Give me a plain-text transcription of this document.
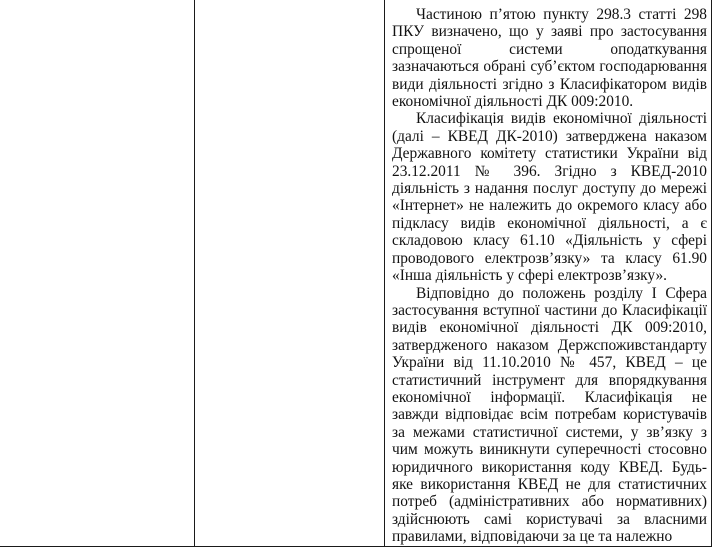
Частиною п’ятою пункту 298.3 статті 298 ПКУ визначено, що у заяві про застосування спрощеної системи оподаткування зазначаються обрані суб’єктом господарювання види діяльності згідно з Класифікатором видів економічної діяльності ДК 009:2010.

Класифікація видів економічної діяльності (далі – КВЕД ДК-2010) затверджена наказом Державного комітету статистики України від 23.12.2011 № 396. Згідно з КВЕД-2010 діяльність з надання послуг доступу до мережі «Інтернет» не належить до окремого класу або підкласу видів економічної діяльності, а є складовою класу 61.10 «Діяльність у сфері проводового електрозв’язку» та класу 61.90 «Інша діяльність у сфері електрозв’язку».

Відповідно до положень розділу І Сфера застосування вступної частини до Класифікації видів економічної діяльності ДК 009:2010, затвердженого наказом Держспоживстандарту України від 11.10.2010 № 457, КВЕД – це статистичний інструмент для впорядкування економічної інформації. Класифікація не завжди відповідає всім потребам користувачів за межами статистичної системи, у зв’язку з чим можуть виникнути суперечності стосовно юридичного використання коду КВЕД. Будь-яке використання КВЕД не для статистичних потреб (адміністративних або нормативних) здійснюють самі користувачі за власними правилами, відповідаючи за це та належно
